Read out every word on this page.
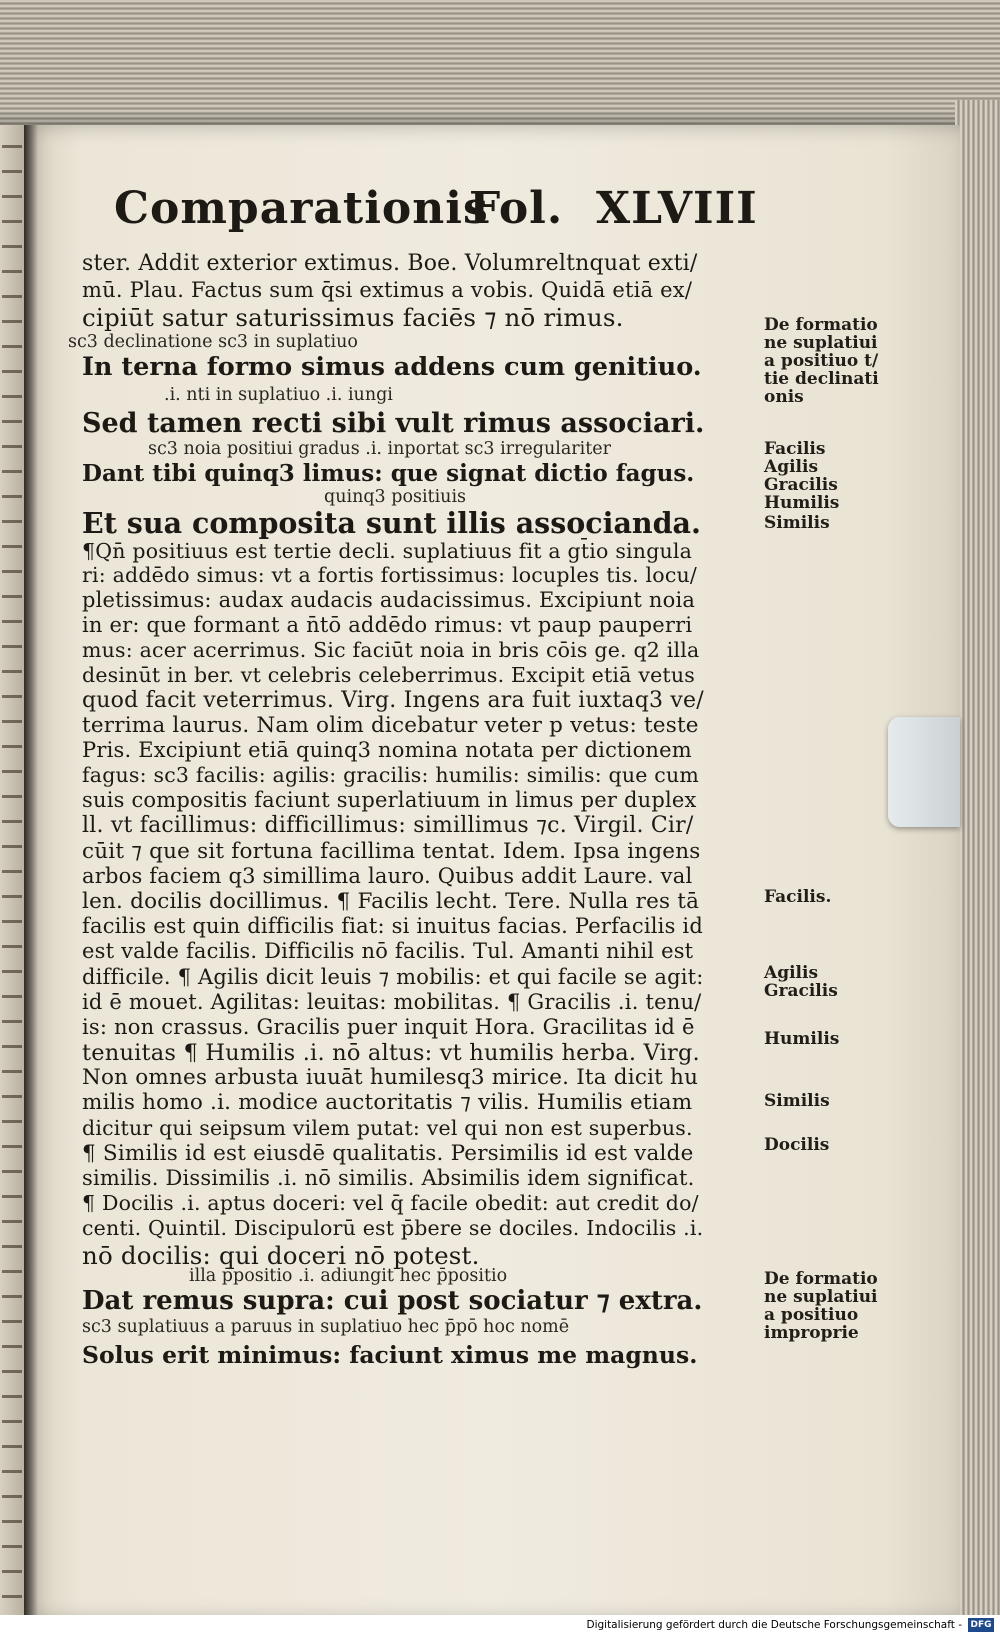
Comparationis
Fol. XLVIII
ster. Addit exterior extimus. Boe. Volumreltnquat exti/
mū. Plau. Factus sum q̄si extimus a vobis. Quidā etiā ex/
cipiūt satur saturissimus faciēs ⁊ nō rimus.
sc3 declinatione sc3 in suplatiuo
In terna formo simus addens cum genitiuo.
.i. nti in suplatiuo .i. iungi
Sed tamen recti sibi vult rimus associari.
sc3 noia positiui gradus .i. inportat sc3 irregulariter
Dant tibi quinq3 limus: que signat dictio fagus.
quinq3 positiuis
Et sua composita sunt illis associanda.
¶Qn̄ positiuus est tertie decli. suplatiuus fit a gt̄io singula
ri: addēdo simus: vt a fortis fortissimus: locuples tis. locu/
pletissimus: audax audacis audacissimus. Excipiunt noia
in er: que formant a n̄tō addēdo rimus: vt paup pauperri
mus: acer acerrimus. Sic faciūt noia in bris cōis ge. q2 illa
desinūt in ber. vt celebris celeberrimus. Excipit etiā vetus
quod facit veterrimus. Virg. Ingens ara fuit iuxtaq3 ve/
terrima laurus. Nam olim dicebatur veter p vetus: teste
Pris. Excipiunt etiā quinq3 nomina notata per dictionem
fagus: sc3 facilis: agilis: gracilis: humilis: similis: que cum
suis compositis faciunt superlatiuum in limus per duplex
ll. vt facillimus: difficillimus: simillimus ⁊c. Virgil. Cir/
cūit ⁊ que sit fortuna facillima tentat. Idem. Ipsa ingens
arbos faciem q3 simillima lauro. Quibus addit Laure. val
len. docilis docillimus. ¶ Facilis lecht. Tere. Nulla res tā
facilis est quin difficilis fiat: si inuitus facias. Perfacilis id
est valde facilis. Difficilis nō facilis. Tul. Amanti nihil est
difficile. ¶ Agilis dicit leuis ⁊ mobilis: et qui facile se agit:
id ē mouet. Agilitas: leuitas: mobilitas. ¶ Gracilis .i. tenu/
is: non crassus. Gracilis puer inquit Hora. Gracilitas id ē
tenuitas ¶ Humilis .i. nō altus: vt humilis herba. Virg.
Non omnes arbusta iuuāt humilesq3 mirice. Ita dicit hu
milis homo .i. modice auctoritatis ⁊ vilis. Humilis etiam
dicitur qui seipsum vilem putat: vel qui non est superbus.
¶ Similis id est eiusdē qualitatis. Persimilis id est valde
similis. Dissimilis .i. nō similis. Absimilis idem significat.
¶ Docilis .i. aptus doceri: vel q̄ facile obedit: aut credit do/
centi. Quintil. Discipulorū est p̄bere se dociles. Indocilis .i.
nō docilis: qui doceri nō potest.
illa p̄positio .i. adiungit hec p̄positio
Dat remus supra: cui post sociatur ⁊ extra.
sc3 suplatiuus a paruus in suplatiuo hec p̄pō hoc nomē
Solus erit minimus: faciunt ximus me magnus.
De formatio
ne suplatiui
a positiuo t/
tie declinati
onis
Facilis
Agilis
Gracilis
Humilis
Similis
Facilis.
Agilis
Gracilis
Humilis
Similis
Docilis
De formatio
ne suplatiui
a positiuo
improprie
Digitalisierung gefördert durch die Deutsche Forschungsgemeinschaft - DFG
